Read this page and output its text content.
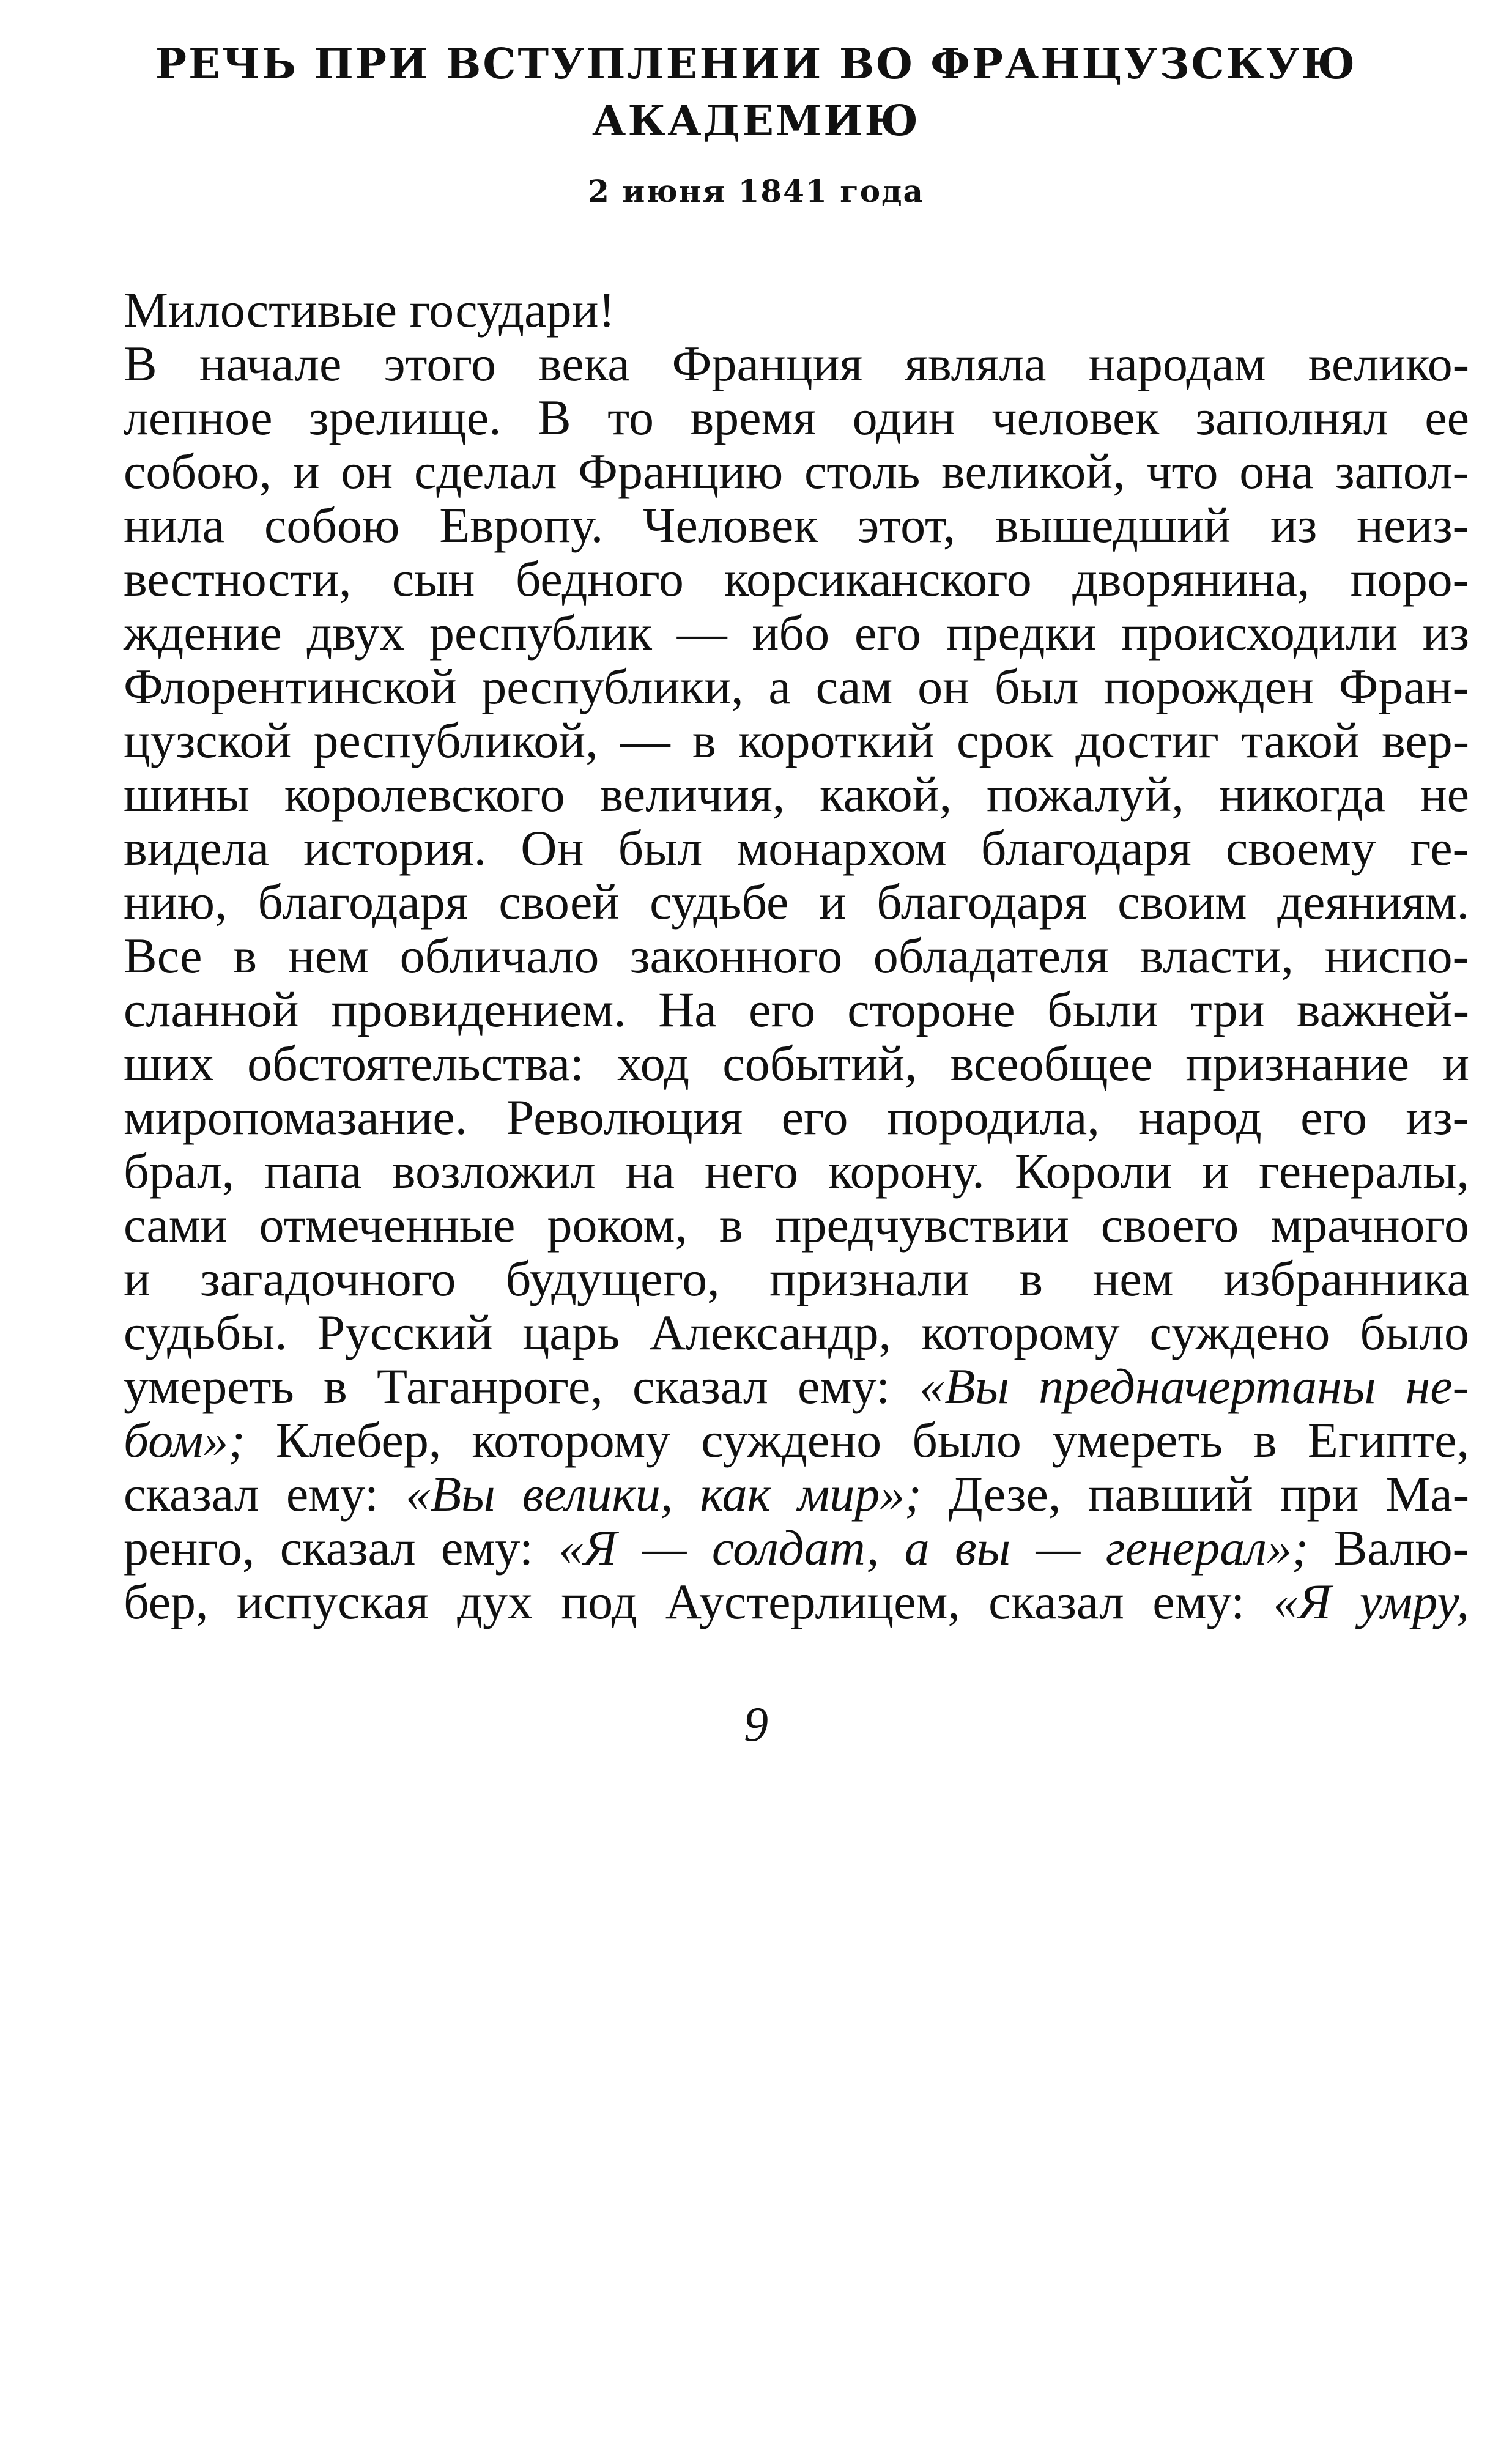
РЕЧЬ ПРИ ВСТУПЛЕНИИ ВО ФРАНЦУЗСКУЮ
АКАДЕМИЮ

2 июня 1841 года

Милостивые государи!
В начале этого века Франция являла народам велико-
лепное зрелище. В то время один человек заполнял ее
собою, и он сделал Францию столь великой, что она запол-
нила собою Европу. Человек этот, вышедший из неиз-
вестности, сын бедного корсиканского дворянина, поро-
ждение двух республик — ибо его предки происходили из
Флорентинской республики, а сам он был порожден Фран-
цузской республикой, — в короткий срок достиг такой вер-
шины королевского величия, какой, пожалуй, никогда не
видела история. Он был монархом благодаря своему ге-
нию, благодаря своей судьбе и благодаря своим деяниям.
Все в нем обличало законного обладателя власти, ниспо-
сланной провидением. На его стороне были три важней-
ших обстоятельства: ход событий, всеобщее признание и
миропомазание. Революция его породила, народ его из-
брал, папа возложил на него корону. Короли и генералы,
сами отмеченные роком, в предчувствии своего мрачного
и загадочного будущего, признали в нем избранника
судьбы. Русский царь Александр, которому суждено было
умереть в Таганроге, сказал ему: «Вы предначертаны не-
бом»; Клебер, которому суждено было умереть в Египте,
сказал ему: «Вы велики, как мир»; Дезе, павший при Ма-
ренго, сказал ему: «Я — солдат, а вы — генерал»; Валю-
бер, испуская дух под Аустерлицем, сказал ему: «Я умру,

9
